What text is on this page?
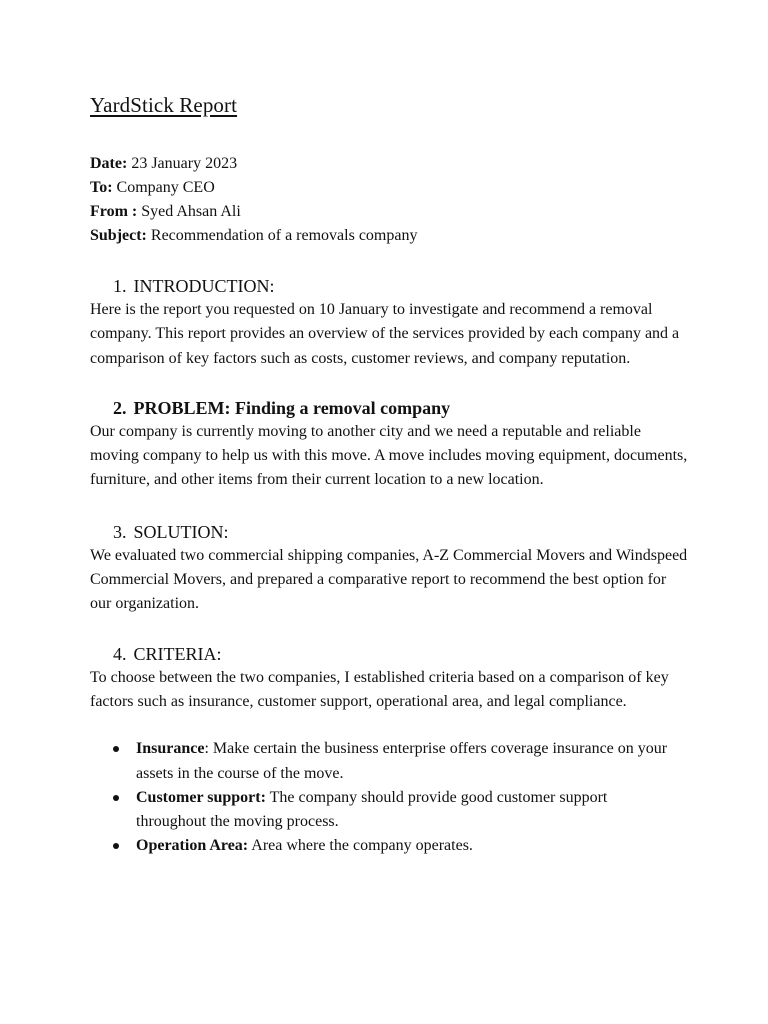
YardStick Report
Date: 23 January 2023
To: Company CEO
From : Syed Ahsan Ali
Subject: Recommendation of a removals company
1. INTRODUCTION:

Here is the report you requested on 10 January to investigate and recommend a removal company. This report provides an overview of the services provided by each company and a comparison of key factors such as costs, customer reviews, and company reputation.

2. PROBLEM: Finding a removal company

Our company is currently moving to another city and we need a reputable and reliable moving company to help us with this move. A move includes moving equipment, documents, furniture, and other items from their current location to a new location.

3. SOLUTION:

We evaluated two commercial shipping companies, A-Z Commercial Movers and Windspeed Commercial Movers, and prepared a comparative report to recommend the best option for our organization.

4. CRITERIA:

To choose between the two companies, I established criteria based on a comparison of key factors such as insurance, customer support, operational area, and legal compliance.

Insurance: Make certain the business enterprise offers coverage insurance on your assets in the course of the move.
Customer support: The company should provide good customer support throughout the moving process.
Operation Area: Area where the company operates.
